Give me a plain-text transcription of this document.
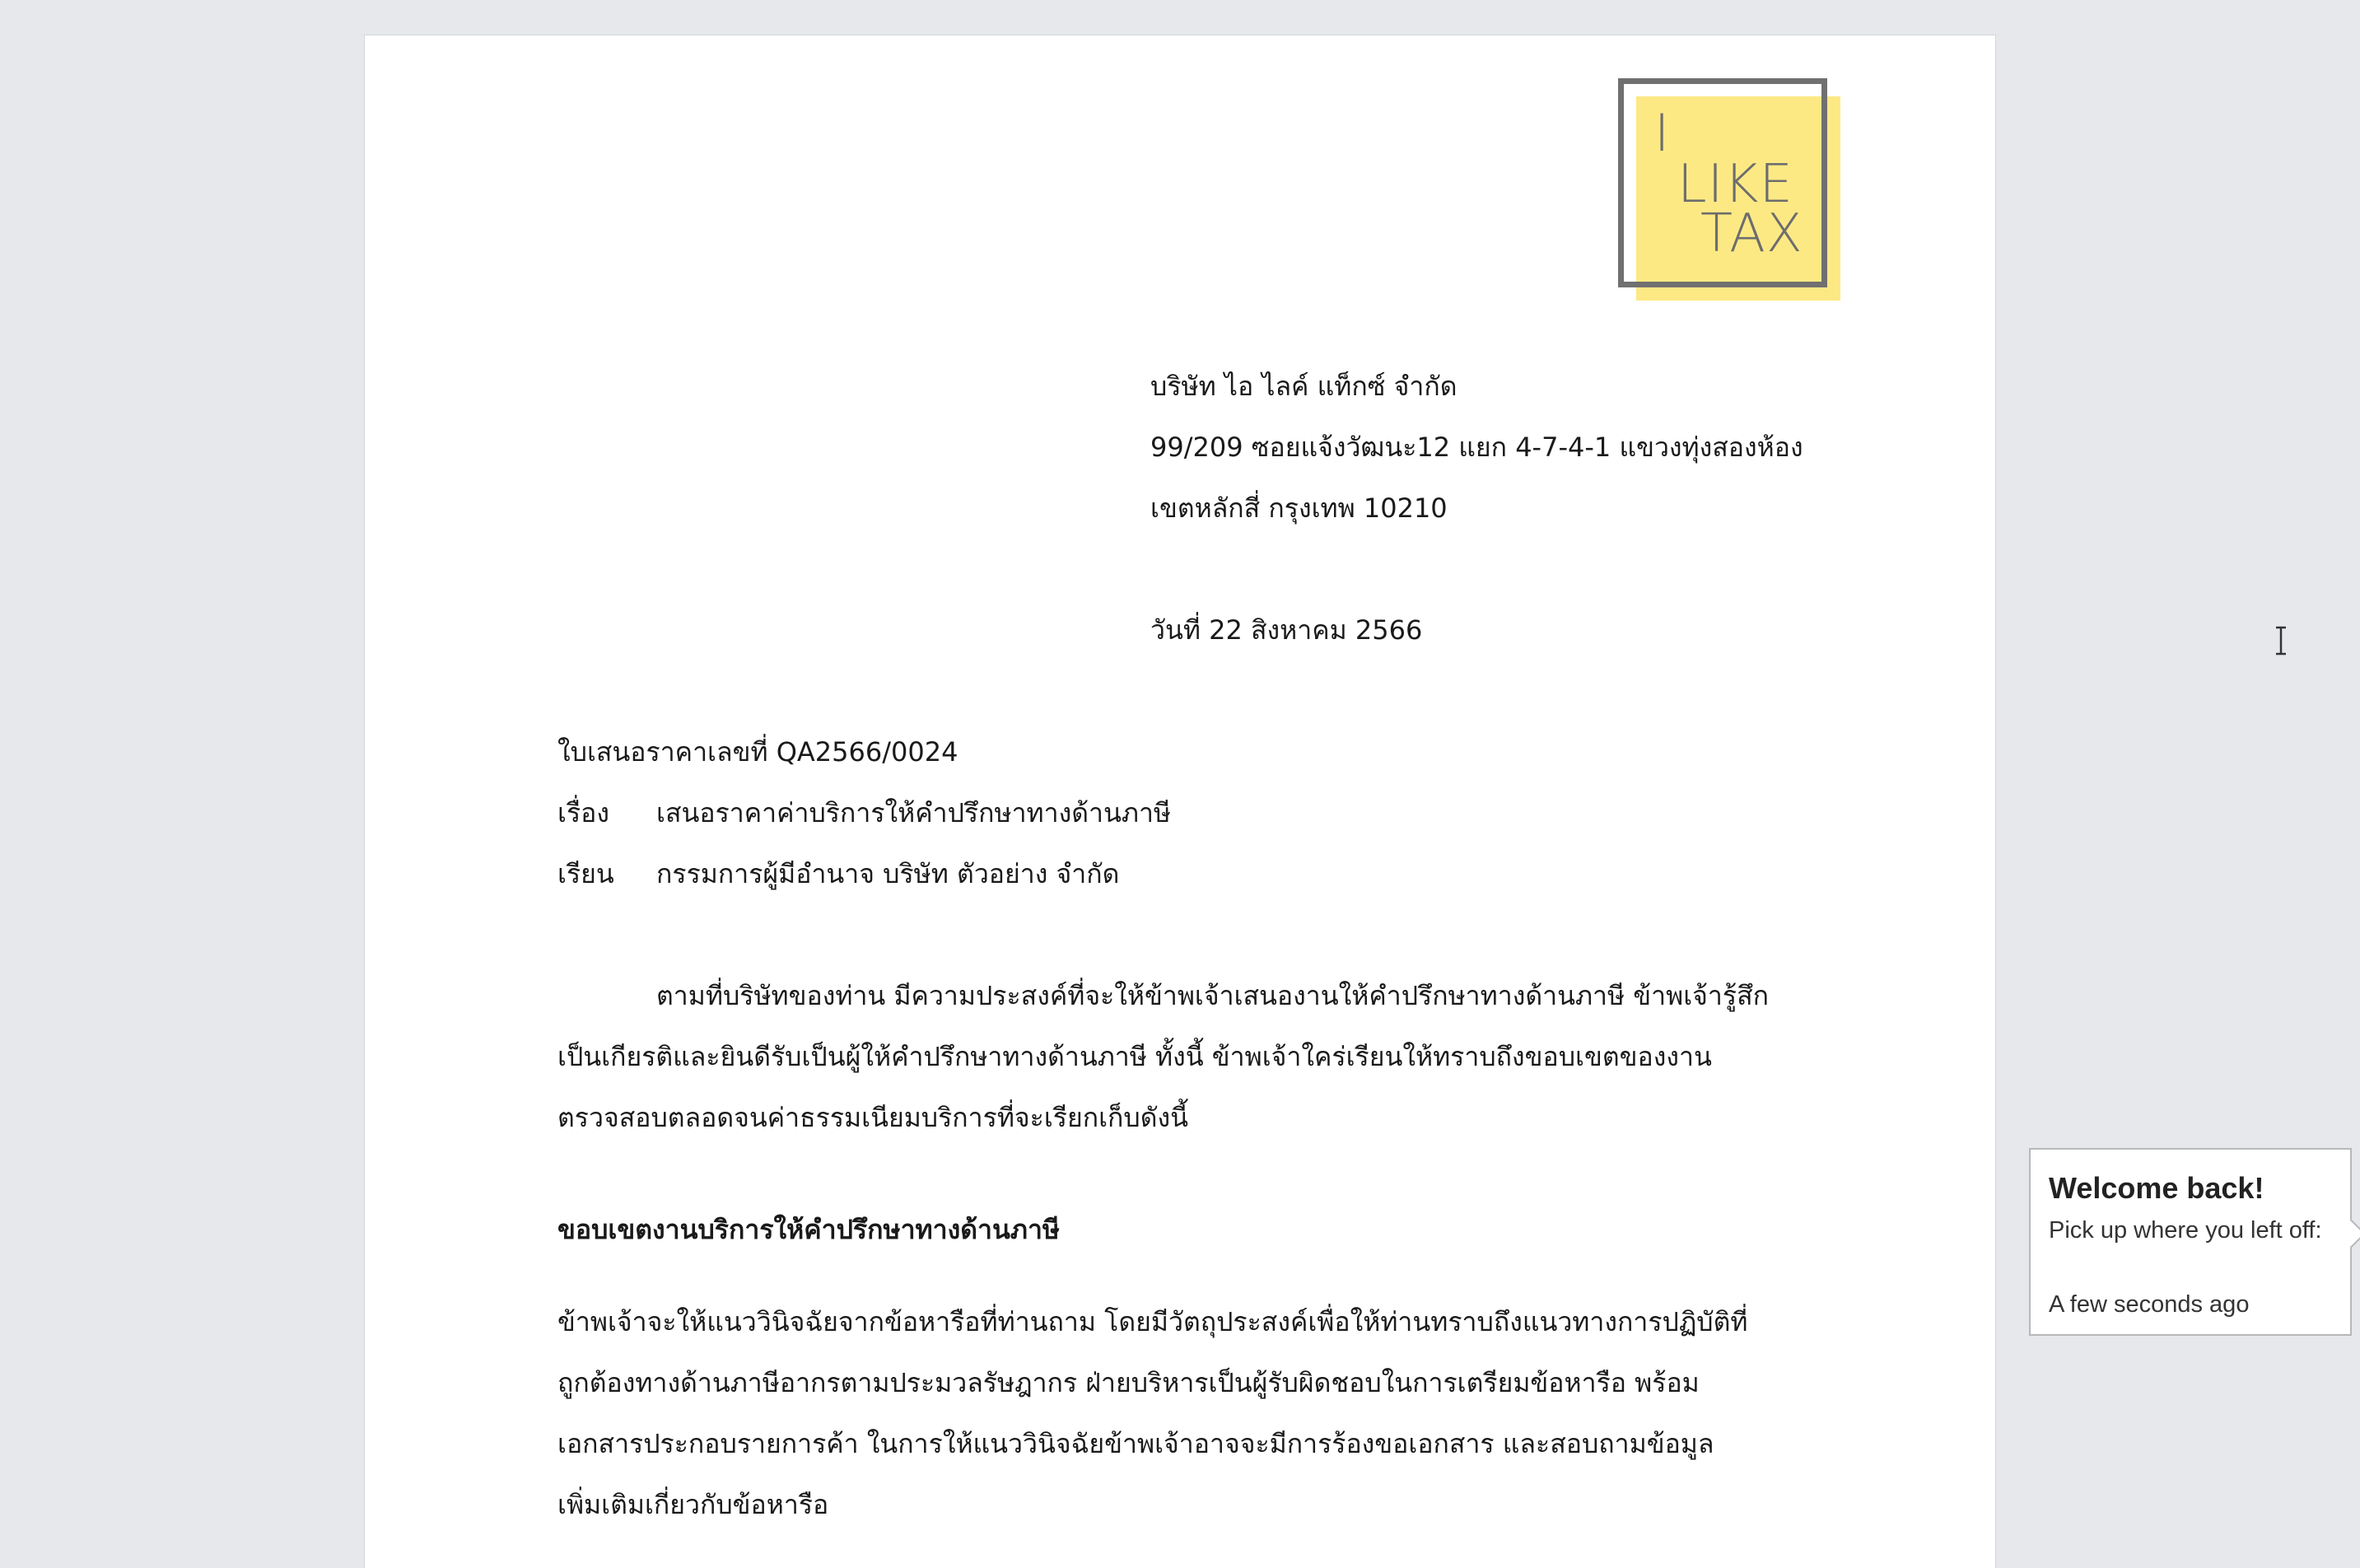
I
LIKE
TAX
บริษัท ไอ ไลค์ แท็กซ์ จำกัด
99/209 ซอยแจ้งวัฒนะ12 แยก 4-7-4-1 แขวงทุ่งสองห้อง
เขตหลักสี่ กรุงเทพ 10210
วันที่ 22 สิงหาคม 2566
ใบเสนอราคาเลขที่ QA2566/0024
เรื่อง เสนอราคาค่าบริการให้คำปรึกษาทางด้านภาษี
เรียน กรรมการผู้มีอำนาจ บริษัท ตัวอย่าง จำกัด
ตามที่บริษัทของท่าน มีความประสงค์ที่จะให้ข้าพเจ้าเสนองานให้คำปรึกษาทางด้านภาษี ข้าพเจ้ารู้สึก
เป็นเกียรติและยินดีรับเป็นผู้ให้คำปรึกษาทางด้านภาษี ทั้งนี้ ข้าพเจ้าใคร่เรียนให้ทราบถึงขอบเขตของงาน
ตรวจสอบตลอดจนค่าธรรมเนียมบริการที่จะเรียกเก็บดังนี้
ขอบเขตงานบริการให้คำปรึกษาทางด้านภาษี
ข้าพเจ้าจะให้แนววินิจฉัยจากข้อหารือที่ท่านถาม โดยมีวัตถุประสงค์เพื่อให้ท่านทราบถึงแนวทางการปฏิบัติที่
ถูกต้องทางด้านภาษีอากรตามประมวลรัษฎากร ฝ่ายบริหารเป็นผู้รับผิดชอบในการเตรียมข้อหารือ พร้อม
เอกสารประกอบรายการค้า ในการให้แนววินิจฉัยข้าพเจ้าอาจจะมีการร้องขอเอกสาร และสอบถามข้อมูล
เพิ่มเติมเกี่ยวกับข้อหารือ
Welcome back!
Pick up where you left off:
A few seconds ago
